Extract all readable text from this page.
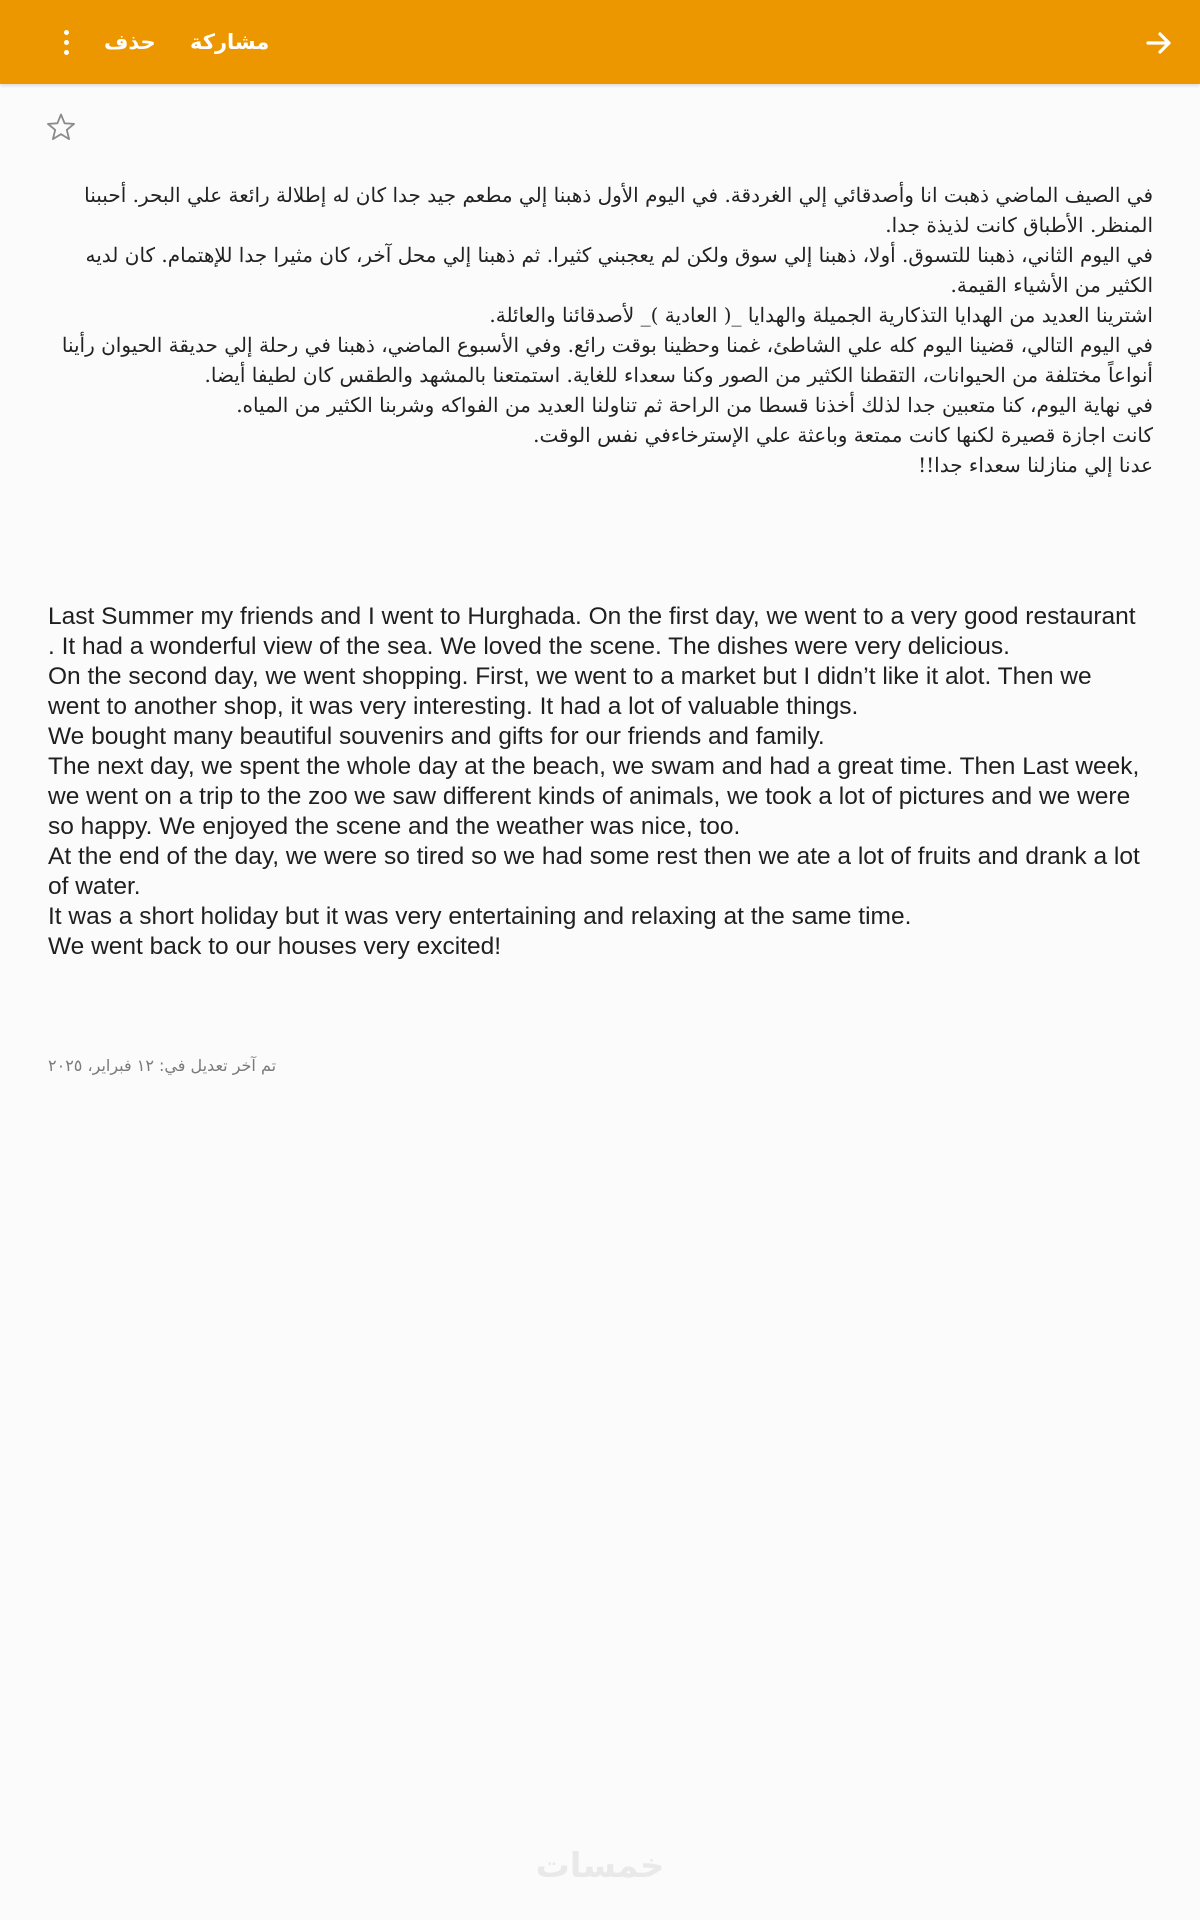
حذف مشاركة

في الصيف الماضي ذهبت انا وأصدقائي إلي الغردقة. في اليوم الأول ذهبنا إلي مطعم جيد جدا كان له إطلالة رائعة علي البحر. أحببنا المنظر. الأطباق كانت لذيذة جدا.

في اليوم الثاني، ذهبنا للتسوق. أولا، ذهبنا إلي سوق ولكن لم يعجبني كثيرا. ثم ذهبنا إلي محل آخر، كان مثيرا جدا للإهتمام. كان لديه الكثير من الأشياء القيمة.

اشترينا العديد من الهدايا التذكارية الجميلة والهدايا _( العادية )_ لأصدقائنا والعائلة.

في اليوم التالي، قضينا اليوم كله علي الشاطئ، غمنا وحظينا بوقت رائع. وفي الأسبوع الماضي، ذهبنا في رحلة إلي حديقة الحيوان رأينا أنواعاً مختلفة من الحيوانات، التقطنا الكثير من الصور وكنا سعداء للغاية. استمتعنا بالمشهد والطقس كان لطيفا أيضا.

في نهاية اليوم، كنا متعبين جدا لذلك أخذنا قسطا من الراحة ثم تناولنا العديد من الفواكه وشربنا الكثير من المياه.

كانت اجازة قصيرة لكنها كانت ممتعة وباعثة علي الإسترخاءفي نفس الوقت.

عدنا إلي منازلنا سعداء جدا!!

Last Summer my friends and I went to Hurghada. On the first day, we went to a very good restaurant . It had a wonderful view of the sea. We loved the scene. The dishes were very delicious.

On the second day, we went shopping. First, we went to a market but I didn’t like it alot. Then we went to another shop, it was very interesting. It had a lot of valuable things.

We bought many beautiful souvenirs and gifts for our friends and family.

The next day, we spent the whole day at the beach, we swam and had a great time. Then Last week, we went on a trip to the zoo we saw different kinds of animals, we took a lot of pictures and we were so happy. We enjoyed the scene and the weather was nice, too.

At the end of the day, we were so tired so we had some rest then we ate a lot of fruits and drank a lot of water.

It was a short holiday but it was very entertaining and relaxing at the same time.

We went back to our houses very excited!

تم آخر تعديل في: ١٢ فبراير، ٢٠٢٥
خمسات
